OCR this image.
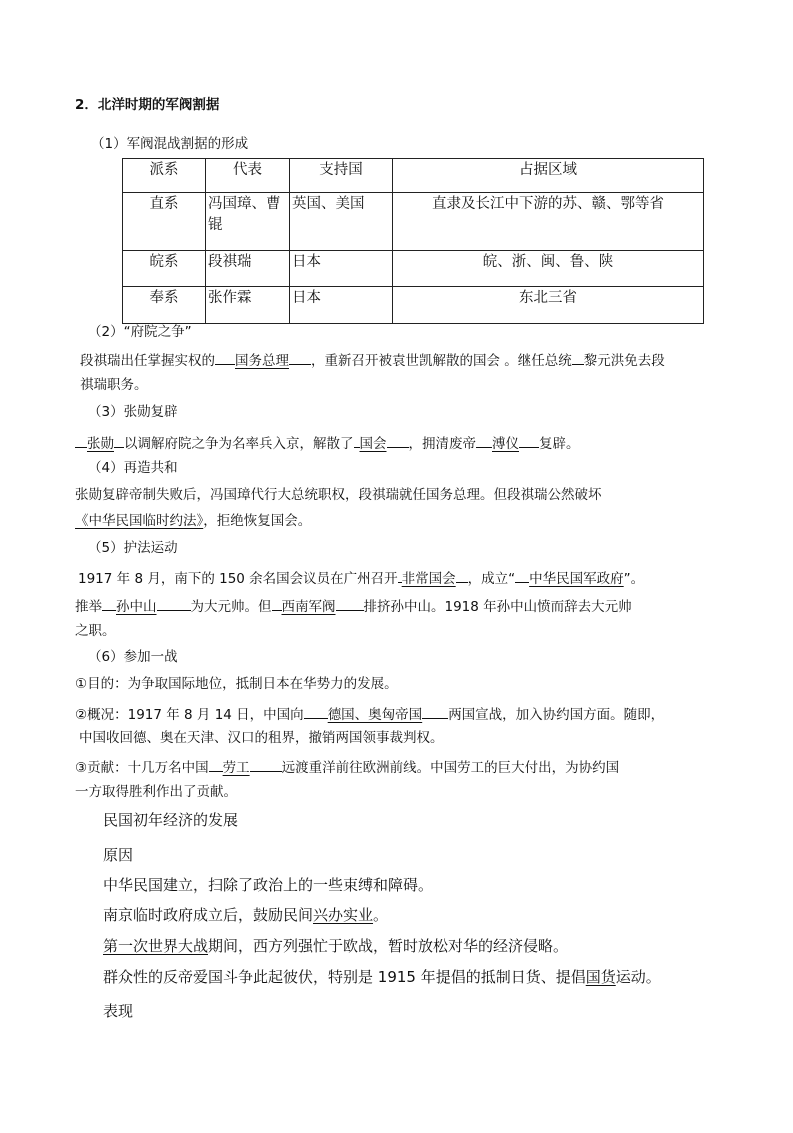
2．北洋时期的军阀割据
（1）军阀混战割据的形成
派系	代表	支持国	占据区域
直系	冯国璋、曹锟	英国、美国	直隶及长江中下游的苏、赣、鄂等省
皖系	段祺瑞	日本	皖、浙、闽、鲁、陕
奉系	张作霖	日本	东北三省
（2）“府院之争”
段祺瑞出任掌握实权的 国务总理 ，重新召开被袁世凯解散的国会 。继任总统 黎元洪免去段
祺瑞职务。
（3）张勋复辟
张勋 以调解府院之争为名率兵入京，解散了 国会 ，拥清废帝 溥仪 复辟。
（4）再造共和
张勋复辟帝制失败后，冯国璋代行大总统职权，段祺瑞就任国务总理。但段祺瑞公然破坏
《中华民国临时约法》，拒绝恢复国会。
（5）护法运动
1917 年 8 月，南下的 150 余名国会议员在广州召开 非常国会 ，成立“ 中华民国军政府”。
推举 孙中山	为大元帅。但 西南军阀 排挤孙中山。1918 年孙中山愤而辞去大元帅
之职。
（6）参加一战
①目的：为争取国际地位，抵制日本在华势力的发展。
②概况：1917 年 8 月 14 日，中国向 德国、奥匈帝国 两国宣战，加入协约国方面。随即，
中国收回德、奥在天津、汉口的租界，撤销两国领事裁判权。
③贡献：十几万名中国 劳工 远渡重洋前往欧洲前线。中国劳工的巨大付出，为协约国
一方取得胜利作出了贡献。
民国初年经济的发展
原因
中华民国建立，扫除了政治上的一些束缚和障碍。
南京临时政府成立后，鼓励民间兴办实业。
第一次世界大战期间，西方列强忙于欧战，暂时放松对华的经济侵略。
群众性的反帝爱国斗争此起彼伏，特别是 1915 年提倡的抵制日货、提倡国货运动。
表现
